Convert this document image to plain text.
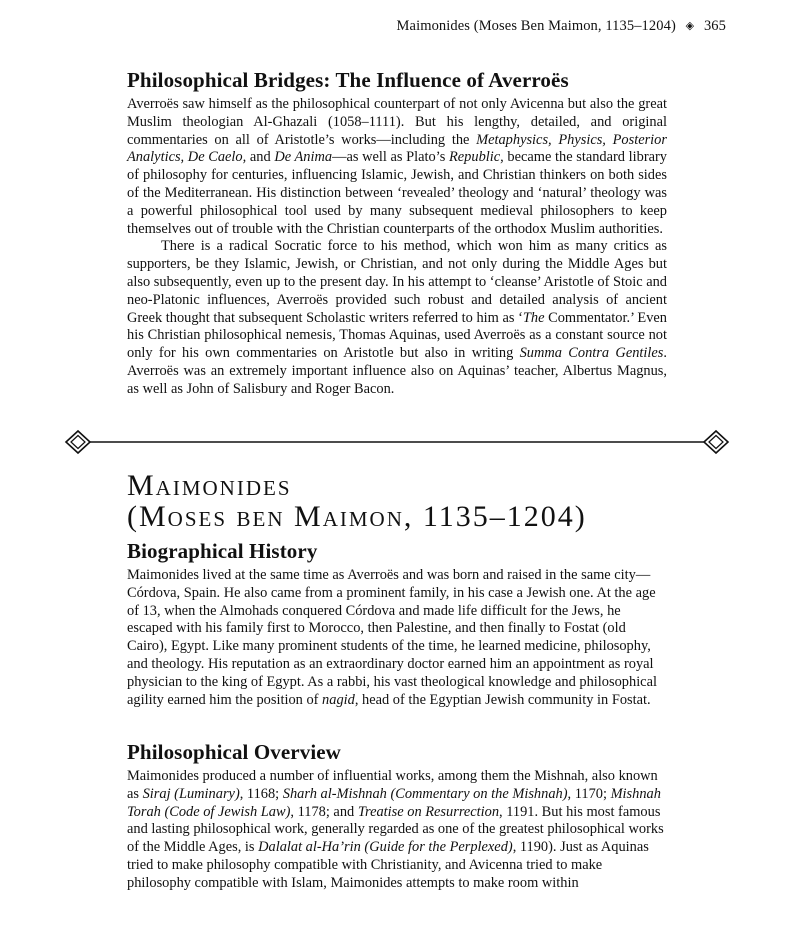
Maimonides (Moses Ben Maimon, 1135–1204) ◈ 365
Philosophical Bridges: The Influence of Averroës

Averroës saw himself as the philosophical counterpart of not only Avicenna but also the great Muslim theologian Al-Ghazali (1058–1111). But his lengthy, detailed, and original commentaries on all of Aristotle’s works—including the Metaphysics, Physics, Posterior Analytics, De Caelo, and De Anima—as well as Plato’s Republic, became the standard library of philosophy for centuries, influencing Islamic, Jewish, and Christian thinkers on both sides of the Mediterranean. His distinction between ‘revealed’ theology and ‘natural’ theology was a powerful philosophical tool used by many subsequent medieval philosophers to keep themselves out of trouble with the Christian counterparts of the orthodox Muslim authorities.

There is a radical Socratic force to his method, which won him as many critics as supporters, be they Islamic, Jewish, or Christian, and not only during the Middle Ages but also subsequently, even up to the present day. In his attempt to ‘cleanse’ Aristotle of Stoic and neo-Platonic influences, Averroës provided such robust and detailed analysis of ancient Greek thought that subsequent Scholastic writers referred to him as ‘The Commentator.’ Even his Christian philosophical nemesis, Thomas Aquinas, used Averroës as a constant source not only for his own commentaries on Aristotle but also in writing Summa Contra Gentiles. Averroës was an extremely important influence also on Aquinas’ teacher, Albertus Magnus, as well as John of Salisbury and Roger Bacon.

Maimonides
(Moses ben Maimon, 1135–1204)
Biographical History

Maimonides lived at the same time as Averroës and was born and raised in the same city—Córdova, Spain. He also came from a prominent family, in his case a Jewish one. At the age of 13, when the Almohads conquered Córdova and made life difficult for the Jews, he escaped with his family first to Morocco, then Palestine, and then finally to Fostat (old Cairo), Egypt. Like many prominent students of the time, he learned medicine, philosophy, and theology. His reputation as an extraordinary doctor earned him an appointment as royal physician to the king of Egypt. As a rabbi, his vast theological knowledge and philosophical agility earned him the position of nagid, head of the Egyptian Jewish community in Fostat.

Philosophical Overview

Maimonides produced a number of influential works, among them the Mishnah, also known as Siraj (Luminary), 1168; Sharh al-Mishnah (Commentary on the Mishnah), 1170; Mishnah Torah (Code of Jewish Law), 1178; and Treatise on Resurrection, 1191. But his most famous and lasting philosophical work, generally regarded as one of the greatest philosophical works of the Middle Ages, is Dalalat al-Ha’rin (Guide for the Perplexed), 1190). Just as Aquinas tried to make philosophy compatible with Christianity, and Avicenna tried to make philosophy compatible with Islam, Maimonides attempts to make room within
